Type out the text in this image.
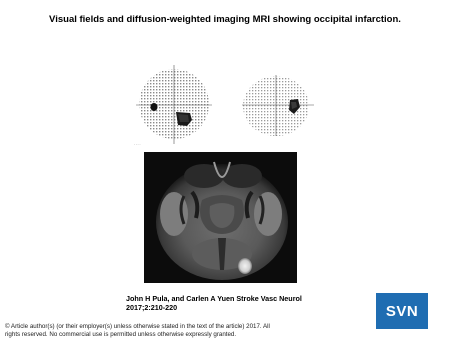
Visual fields and diffusion-weighted imaging MRI showing occipital infarction.
- - - -
John H Pula, and Carlen A Yuen Stroke Vasc Neurol
2017;2:210-220
© Article author(s) (or their employer(s) unless otherwise stated in the text of the article) 2017. All
rights reserved. No commercial use is permitted unless otherwise expressly granted.
SVN
